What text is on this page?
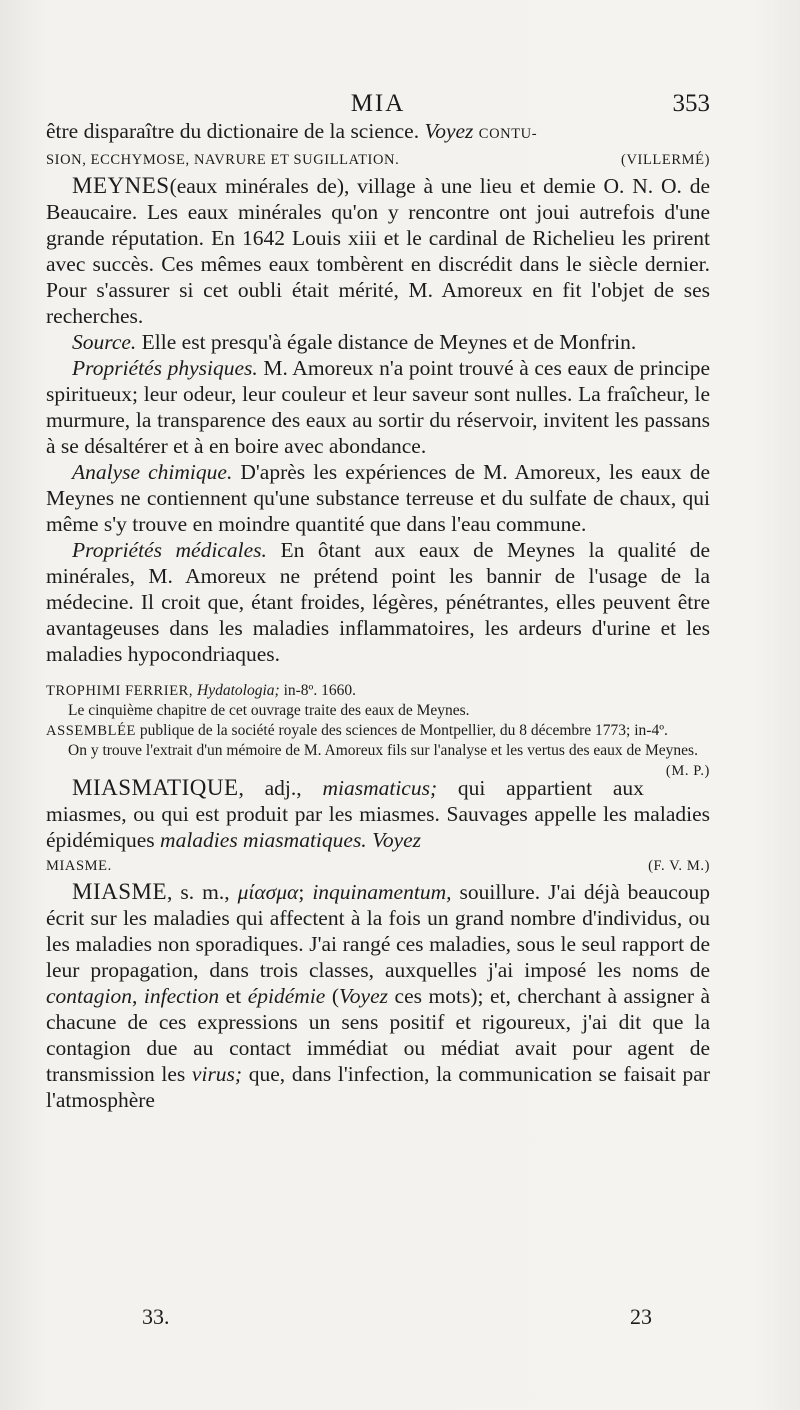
MIA	353

être disparaître du dictionaire de la science. Voyez CONTU-

SION, ECCHYMOSE, NAVRURE ET SUGILLATION.	(VILLERMÉ)

MEYNES(eaux minérales de), village à une lieu et demie O. N. O. de Beaucaire. Les eaux minérales qu'on y rencontre ont joui autrefois d'une grande réputation. En 1642 Louis xiii et le cardinal de Richelieu les prirent avec succès. Ces mêmes eaux tombèrent en discrédit dans le siècle dernier. Pour s'assurer si cet oubli était mérité, M. Amoreux en fit l'objet de ses recherches.

Source. Elle est presqu'à égale distance de Meynes et de Monfrin.

Propriétés physiques. M. Amoreux n'a point trouvé à ces eaux de principe spiritueux; leur odeur, leur couleur et leur saveur sont nulles. La fraîcheur, le murmure, la transparence des eaux au sortir du réservoir, invitent les passans à se désaltérer et à en boire avec abondance.

Analyse chimique. D'après les expériences de M. Amoreux, les eaux de Meynes ne contiennent qu'une substance terreuse et du sulfate de chaux, qui même s'y trouve en moindre quantité que dans l'eau commune.

Propriétés médicales. En ôtant aux eaux de Meynes la qualité de minérales, M. Amoreux ne prétend point les bannir de l'usage de la médecine. Il croit que, étant froides, légères, pénétrantes, elles peuvent être avantageuses dans les maladies inflammatoires, les ardeurs d'urine et les maladies hypocondriaques.

TROPHIMI FERRIER, Hydatologia; in-8º. 1660.

Le cinquième chapitre de cet ouvrage traite des eaux de Meynes.

ASSEMBLÉE publique de la société royale des sciences de Montpellier, du 8 décembre 1773; in-4º.

On y trouve l'extrait d'un mémoire de M. Amoreux fils sur l'analyse et les vertus des eaux de Meynes.
(M. P.)

MIASMATIQUE, adj., miasmaticus; qui appartient aux miasmes, ou qui est produit par les miasmes. Sauvages appelle les maladies épidémiques maladies miasmatiques. Voyez

MIASME.	(F. V. M.)

MIASME, s. m., μίασμα; inquinamentum, souillure. J'ai déjà beaucoup écrit sur les maladies qui affectent à la fois un grand nombre d'individus, ou les maladies non sporadiques. J'ai rangé ces maladies, sous le seul rapport de leur propagation, dans trois classes, auxquelles j'ai imposé les noms de contagion, infection et épidémie (Voyez ces mots); et, cherchant à assigner à chacune de ces expressions un sens positif et rigoureux, j'ai dit que la contagion due au contact immédiat ou médiat avait pour agent de transmission les virus; que, dans l'infection, la communication se faisait par l'atmosphère

33.	23
